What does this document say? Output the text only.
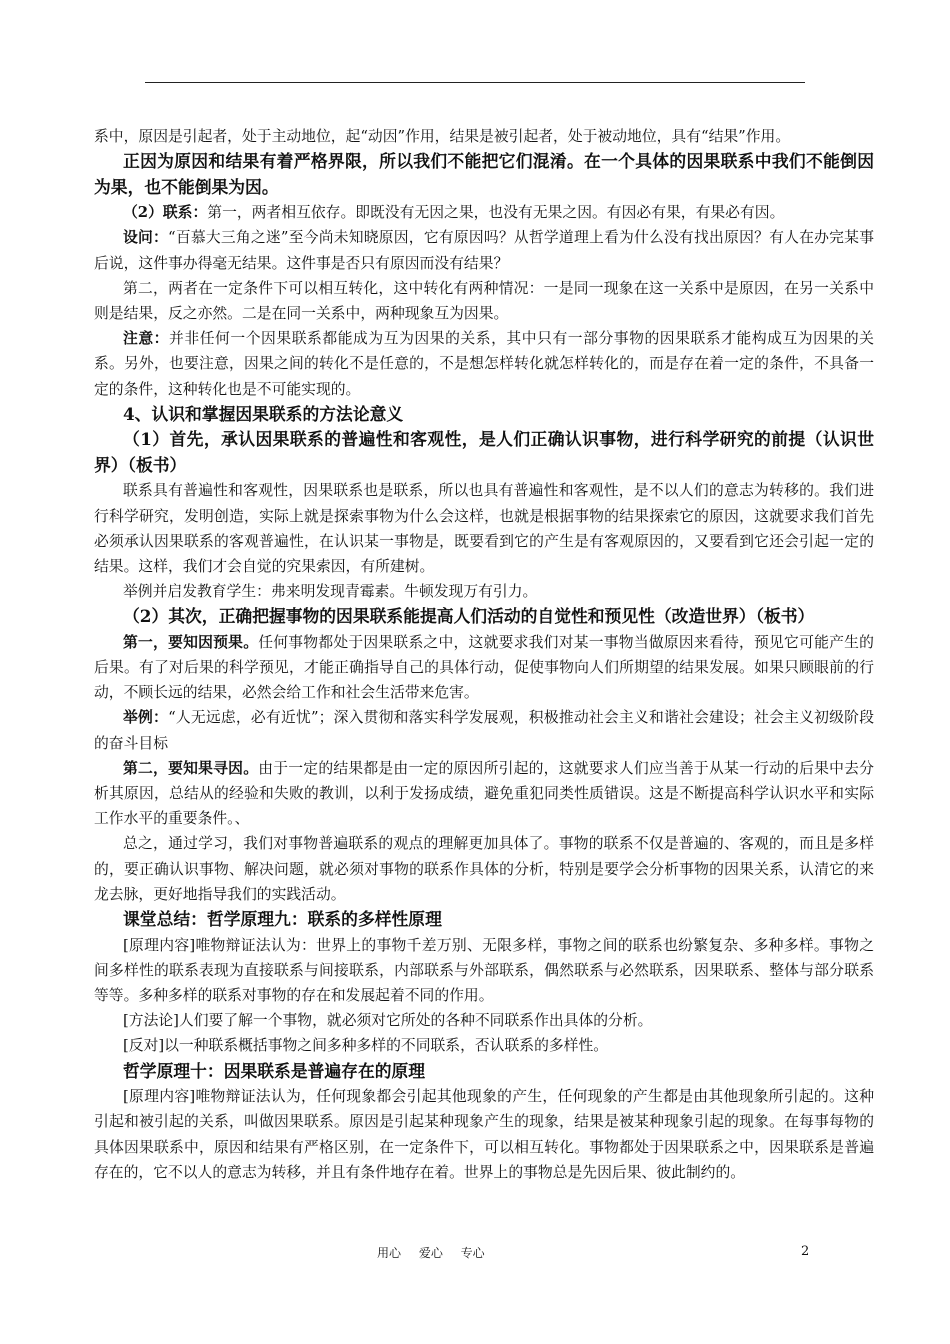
系中，原因是引起者，处于主动地位，起“动因”作用，结果是被引起者，处于被动地位，具有“结果”作用。

正因为原因和结果有着严格界限，所以我们不能把它们混淆。在一个具体的因果联系中我们不能倒因为果，也不能倒果为因。

（2）联系：第一，两者相互依存。即既没有无因之果，也没有无果之因。有因必有果，有果必有因。

设问：“百慕大三角之迷”至今尚未知晓原因，它有原因吗？从哲学道理上看为什么没有找出原因？有人在办完某事后说，这件事办得毫无结果。这件事是否只有原因而没有结果？

第二，两者在一定条件下可以相互转化，这中转化有两种情况：一是同一现象在这一关系中是原因，在另一关系中则是结果，反之亦然。二是在同一关系中，两种现象互为因果。

注意：并非任何一个因果联系都能成为互为因果的关系，其中只有一部分事物的因果联系才能构成互为因果的关系。另外，也要注意，因果之间的转化不是任意的，不是想怎样转化就怎样转化的，而是存在着一定的条件，不具备一定的条件，这种转化也是不可能实现的。

4、认识和掌握因果联系的方法论意义

（1）首先，承认因果联系的普遍性和客观性，是人们正确认识事物，进行科学研究的前提（认识世界）（板书）

联系具有普遍性和客观性，因果联系也是联系，所以也具有普遍性和客观性，是不以人们的意志为转移的。我们进行科学研究，发明创造，实际上就是探索事物为什么会这样，也就是根据事物的结果探索它的原因，这就要求我们首先必须承认因果联系的客观普遍性，在认识某一事物是，既要看到它的产生是有客观原因的，又要看到它还会引起一定的结果。这样，我们才会自觉的究果索因，有所建树。

举例并启发教育学生：弗来明发现青霉素。牛顿发现万有引力。

（2）其次，正确把握事物的因果联系能提高人们活动的自觉性和预见性（改造世界）（板书）

第一，要知因预果。任何事物都处于因果联系之中，这就要求我们对某一事物当做原因来看待，预见它可能产生的后果。有了对后果的科学预见，才能正确指导自己的具体行动，促使事物向人们所期望的结果发展。如果只顾眼前的行动，不顾长远的结果，必然会给工作和社会生活带来危害。

举例：“人无远虑，必有近忧”；深入贯彻和落实科学发展观，积极推动社会主义和谐社会建设；社会主义初级阶段的奋斗目标

第二，要知果寻因。由于一定的结果都是由一定的原因所引起的，这就要求人们应当善于从某一行动的后果中去分析其原因，总结从的经验和失败的教训，以利于发扬成绩，避免重犯同类性质错误。这是不断提高科学认识水平和实际工作水平的重要条件。、

总之，通过学习，我们对事物普遍联系的观点的理解更加具体了。事物的联系不仅是普遍的、客观的，而且是多样的，要正确认识事物、解决问题，就必须对事物的联系作具体的分析，特别是要学会分析事物的因果关系，认清它的来龙去脉，更好地指导我们的实践活动。

课堂总结：哲学原理九：联系的多样性原理

[原理内容]唯物辩证法认为：世界上的事物千差万别、无限多样，事物之间的联系也纷繁复杂、多种多样。事物之间多样性的联系表现为直接联系与间接联系，内部联系与外部联系，偶然联系与必然联系，因果联系、整体与部分联系等等。多种多样的联系对事物的存在和发展起着不同的作用。

[方法论]人们要了解一个事物，就必须对它所处的各种不同联系作出具体的分析。

[反对]以一种联系概括事物之间多种多样的不同联系，否认联系的多样性。

哲学原理十：因果联系是普遍存在的原理

[原理内容]唯物辩证法认为，任何现象都会引起其他现象的产生，任何现象的产生都是由其他现象所引起的。这种引起和被引起的关系，叫做因果联系。原因是引起某种现象产生的现象，结果是被某种现象引起的现象。在每事每物的具体因果联系中，原因和结果有严格区别，在一定条件下，可以相互转化。事物都处于因果联系之中，因果联系是普遍存在的，它不以人的意志为转移，并且有条件地存在着。世界上的事物总是先因后果、彼此制约的。

用心 爱心 专心	2
